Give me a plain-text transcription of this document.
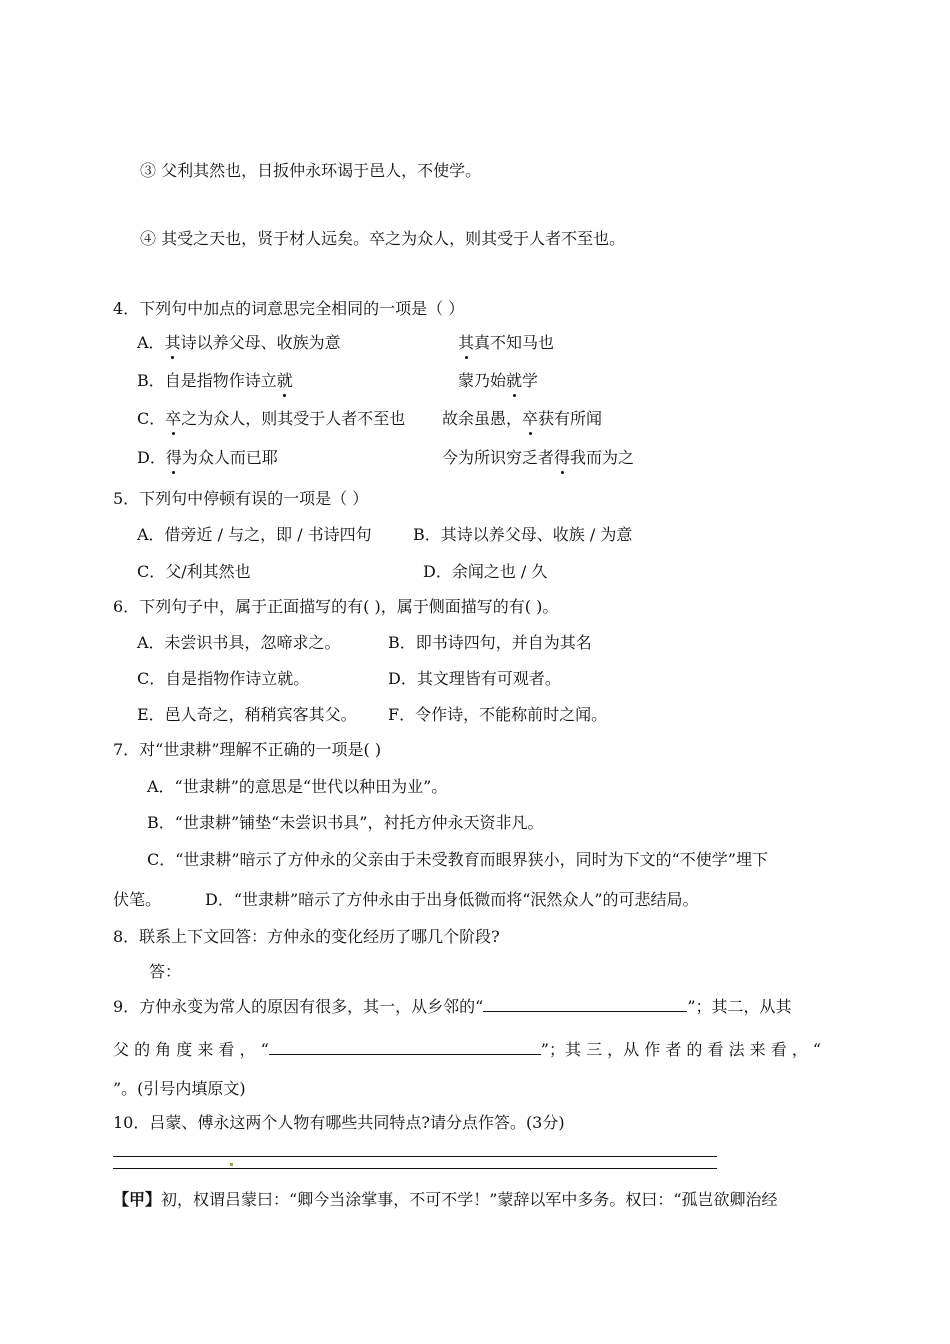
③ 父利其然也，日扳仲永环谒于邑人，不使学。
④ 其受之天也，贤于材人远矣。卒之为众人，则其受于人者不至也。
4．下列句中加点的词意思完全相同的一项是（ ）
A．其诗以养父母、收族为意	其真不知马也
B．自是指物作诗立就	蒙乃始就学
C．卒之为众人，则其受于人者不至也 故余虽愚，卒获有所闻
D．得为众人而已耶	今为所识穷乏者得我而为之
5．下列句中停顿有误的一项是（ ）
A．借旁近 / 与之，即 / 书诗四句	B．其诗以养父母、收族 / 为意
C．父/利其然也	D．余闻之也 / 久
6．下列句子中，属于正面描写的有( )，属于侧面描写的有( )。
A．未尝识书具，忽啼求之。	B．即书诗四句，并自为其名
C．自是指物作诗立就。	D．其文理皆有可观者。
E．邑人奇之，稍稍宾客其父。 F．令作诗，不能称前时之闻。
7．对“世隶耕”理解不正确的一项是( )
A．“世隶耕”的意思是“世代以种田为业”。
B．“世隶耕”铺垫“未尝识书具”，衬托方仲永天资非凡。
C．“世隶耕”暗示了方仲永的父亲由于未受教育而眼界狭小，同时为下文的“不使学”埋下
伏笔。	D．“世隶耕”暗示了方仲永由于出身低微而将“泯然众人”的可悲结局。
8．联系上下文回答：方仲永的变化经历了哪几个阶段?
答：
9．方仲永变为常人的原因有很多，其一，从乡邻的“	”；其二，从其
父 的 角 度 来 看 ， “	”；其 三 ，从 作 者 的 看 法 来 看 ， “
”。(引号内填原文)
10．吕蒙、傅永这两个人物有哪些共同特点?请分点作答。(3分)
【甲】初，权谓吕蒙曰：“卿今当涂掌事，不可不学！”蒙辞以军中多务。权曰：“孤岂欲卿治经
